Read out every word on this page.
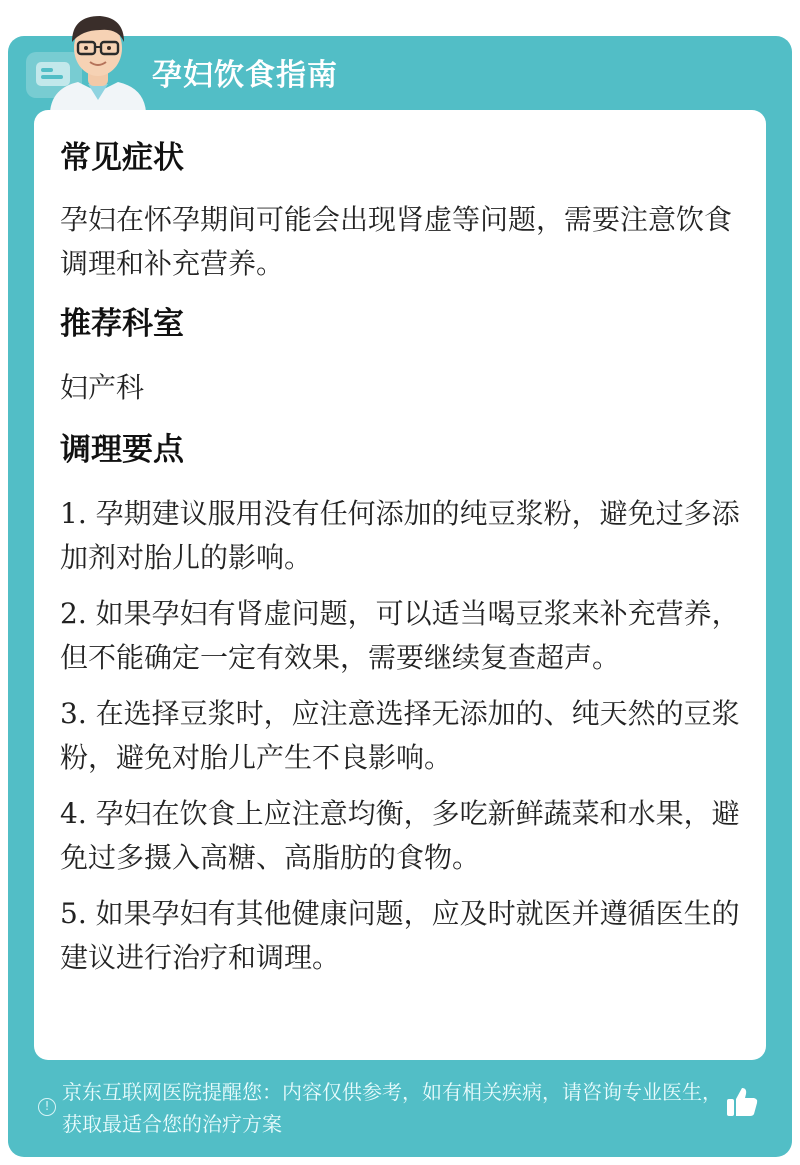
孕妇饮食指南
常见症状
孕妇在怀孕期间可能会出现肾虚等问题，需要注意饮食调理和补充营养。
推荐科室
妇产科
调理要点
1. 孕期建议服用没有任何添加的纯豆浆粉，避免过多添加剂对胎儿的影响。
2. 如果孕妇有肾虚问题，可以适当喝豆浆来补充营养，但不能确定一定有效果，需要继续复查超声。
3. 在选择豆浆时，应注意选择无添加的、纯天然的豆浆粉，避免对胎儿产生不良影响。
4. 孕妇在饮食上应注意均衡，多吃新鲜蔬菜和水果，避免过多摄入高糖、高脂肪的食物。
5. 如果孕妇有其他健康问题，应及时就医并遵循医生的建议进行治疗和调理。
!
京东互联网医院提醒您：内容仅供参考，如有相关疾病，请咨询专业医生，获取最适合您的治疗方案
